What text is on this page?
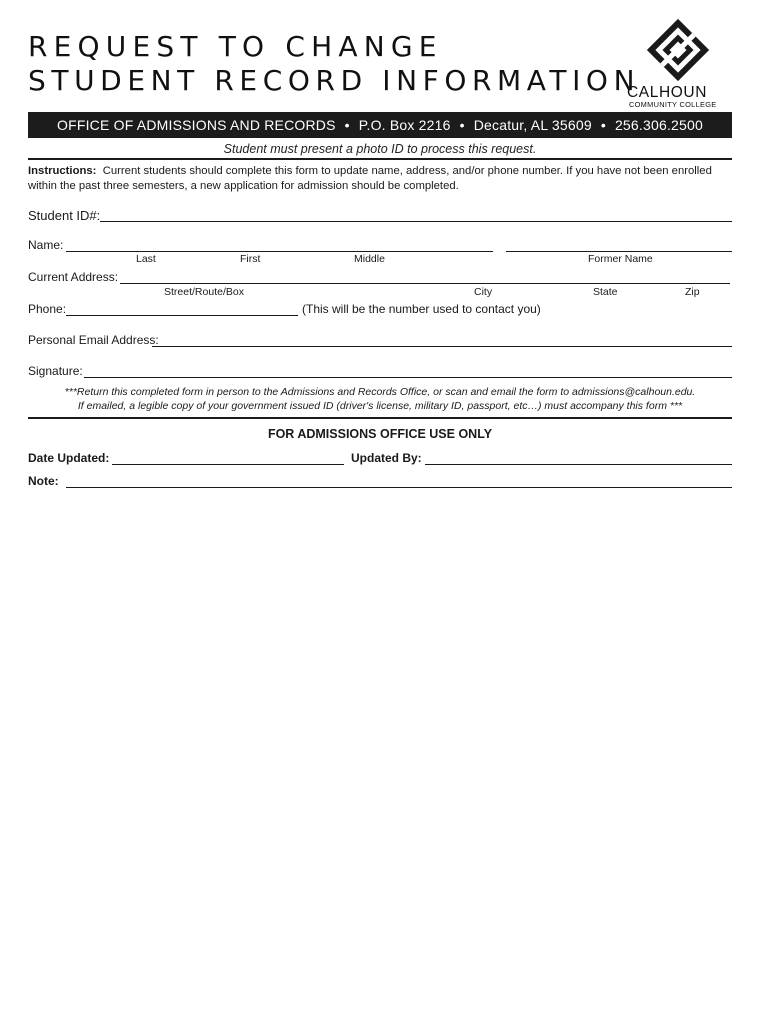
REQUEST TO CHANGE
STUDENT RECORD INFORMATION
CALHOUN
COMMUNITY COLLEGE
OFFICE OF ADMISSIONS AND RECORDS • P.O. Box 2216 • Decatur, AL 35609 • 256.306.2500
Student must present a photo ID to process this request.
Instructions: Current students should complete this form to update name, address, and/or phone number. If you have not been enrolled within the past three semesters, a new application for admission should be completed.
Student ID#:
Name:
Last	First	Middle	Former Name
Current Address:
Street/Route/Box	City	State	Zip
Phone:	(This will be the number used to contact you)
Personal Email Address:
Signature:
***Return this completed form in person to the Admissions and Records Office, or scan and email the form to admissions@calhoun.edu.
If emailed, a legible copy of your government issued ID (driver's license, military ID, passport, etc…) must accompany this form ***
FOR ADMISSIONS OFFICE USE ONLY
Date Updated:	Updated By:
Note:
